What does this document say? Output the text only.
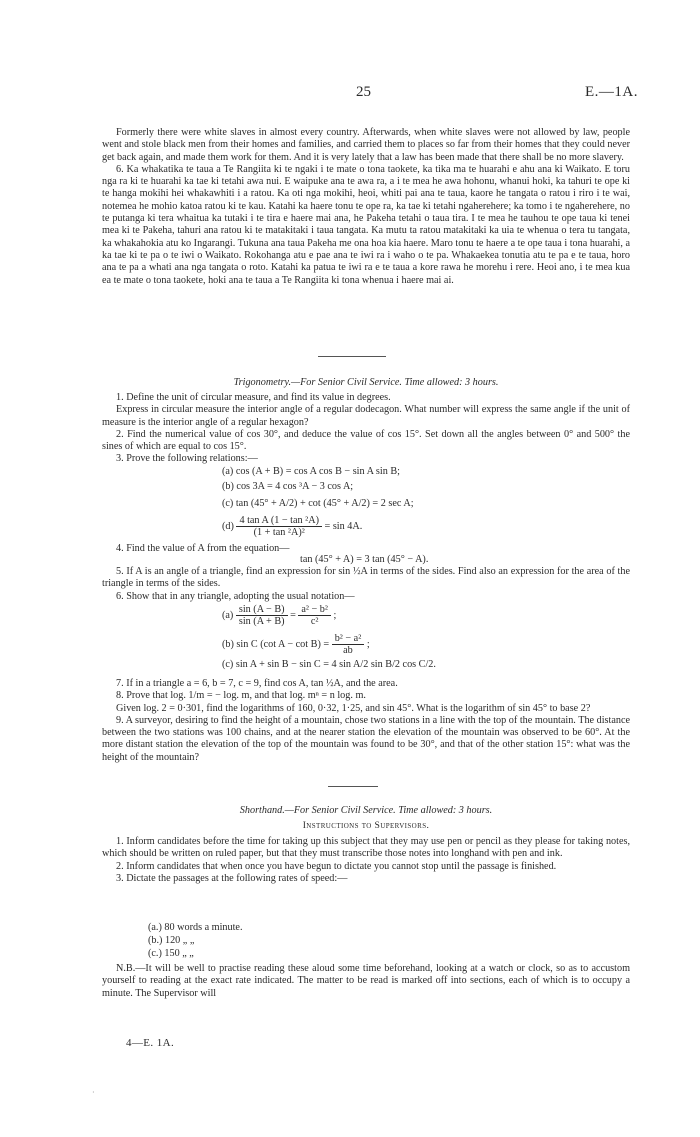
25	E.—1A.

Formerly there were white slaves in almost every country. Afterwards, when white slaves were not allowed by law, people went and stole black men from their homes and families, and carried them to places so far from their homes that they could never get back again, and made them work for them. And it is very lately that a law has been made that there shall be no more slavery.

6. Ka whakatika te taua a Te Rangiita ki te ngaki i te mate o tona taokete, ka tika ma te huarahi e ahu ana ki Waikato. E toru nga ra ki te huarahi ka tae ki tetahi awa nui. E waipuke ana te awa ra, a i te mea he awa hohonu, whanui hoki, ka tahuri te ope ki te hanga mokihi hei whakawhiti i a ratou. Ka oti nga mokihi, heoi, whiti pai ana te taua, kaore he tangata o ratou i riro i te wai, notemea he mohio katoa ratou ki te kau. Katahi ka haere tonu te ope ra, ka tae ki tetahi ngaherehere; ka tomo i te ngaherehere, no te putanga ki tera whaitua ka tutaki i te tira e haere mai ana, he Pakeha tetahi o taua tira. I te mea he tauhou te ope taua ki tenei mea ki te Pakeha, tahuri ana ratou ki te matakitaki i taua tangata. Ka mutu ta ratou matakitaki ka uia te whenua o tera tu tangata, ka whakahokia atu ko Ingarangi. Tukuna ana taua Pakeha me ona hoa kia haere. Maro tonu te haere a te ope taua i tona huarahi, a ka tae ki te pa o te iwi o Waikato. Rokohanga atu e pae ana te iwi ra i waho o te pa. Whakaekea tonutia atu te pa e te taua, horo ana te pa a whati ana nga tangata o roto. Katahi ka patua te iwi ra e te taua a kore rawa he morehu i rere. Heoi ano, i te mea kua ea te mate o tona taokete, hoki ana te taua a Te Rangiita ki tona whenua i haere mai ai.

Trigonometry.—For Senior Civil Service. Time allowed: 3 hours.

1. Define the unit of circular measure, and find its value in degrees.

Express in circular measure the interior angle of a regular dodecagon. What number will express the same angle if the unit of measure is the interior angle of a regular hexagon?

2. Find the numerical value of cos 30°, and deduce the value of cos 15°. Set down all the angles between 0° and 500° the sines of which are equal to cos 15°.

3. Prove the following relations:—

(a) cos (A + B) = cos A cos B − sin A sin B;
(b) cos 3A = 4 cos ³A − 3 cos A;
(c) tan (45° + A/2) + cot (45° + A/2) = 2 sec A;
$(d) \frac{\text{4 tan A (1 − tan ²A)}}{\text{(1 + tan ²A)²}} = \sin 4A$.

4. Find the value of A from the equation—

tan (45° + A) = 3 tan (45° − A).

5. If A is an angle of a triangle, find an expression for sin ½A in terms of the sides. Find also an expression for the area of the triangle in terms of the sides.

6. Show that in any triangle, adopting the usual notation—

$(a) \frac{\sin (A - B)}{\sin (A + B)} = \frac{\text{a² − b²}}{\text{c²}}$ ;
(b) sin C (cot $A - \cot B) = \frac{\text{b² − a²}}{ab}$ ;
(c) sin A + sin B − sin C = 4 sin A/2 sin B/2 cos C/2.

7. If in a triangle a = 6, b = 7, c = 9, find cos A, tan ½A, and the area.

8. Prove that log. 1/m = − log. m, and that log. mⁿ = n log. m.

Given log. 2 = 0·301, find the logarithms of 160, 0·32, 1·25, and sin 45°. What is the logarithm of sin 45° to base 2?

9. A surveyor, desiring to find the height of a mountain, chose two stations in a line with the top of the mountain. The distance between the two stations was 100 chains, and at the nearer station the elevation of the mountain was observed to be 60°. At the more distant station the elevation of the top of the mountain was found to be 30°, and that of the other station 15°: what was the height of the mountain?

Shorthand.—For Senior Civil Service. Time allowed: 3 hours.
Instructions to Supervisors.

1. Inform candidates before the time for taking up this subject that they may use pen or pencil as they please for taking notes, which should be written on ruled paper, but that they must transcribe those notes into longhand with pen and ink.

2. Inform candidates that when once you have begun to dictate you cannot stop until the passage is finished.

3. Dictate the passages at the following rates of speed:—

(a.) 80 words a minute.
(b.) 120 „ „
(c.) 150 „ „

N.B.—It will be well to practise reading these aloud some time beforehand, looking at a watch or clock, so as to accustom yourself to reading at the exact rate indicated. The matter to be read is marked off into sections, each of which is to occupy a minute. The Supervisor will

4—E. 1A.
·
